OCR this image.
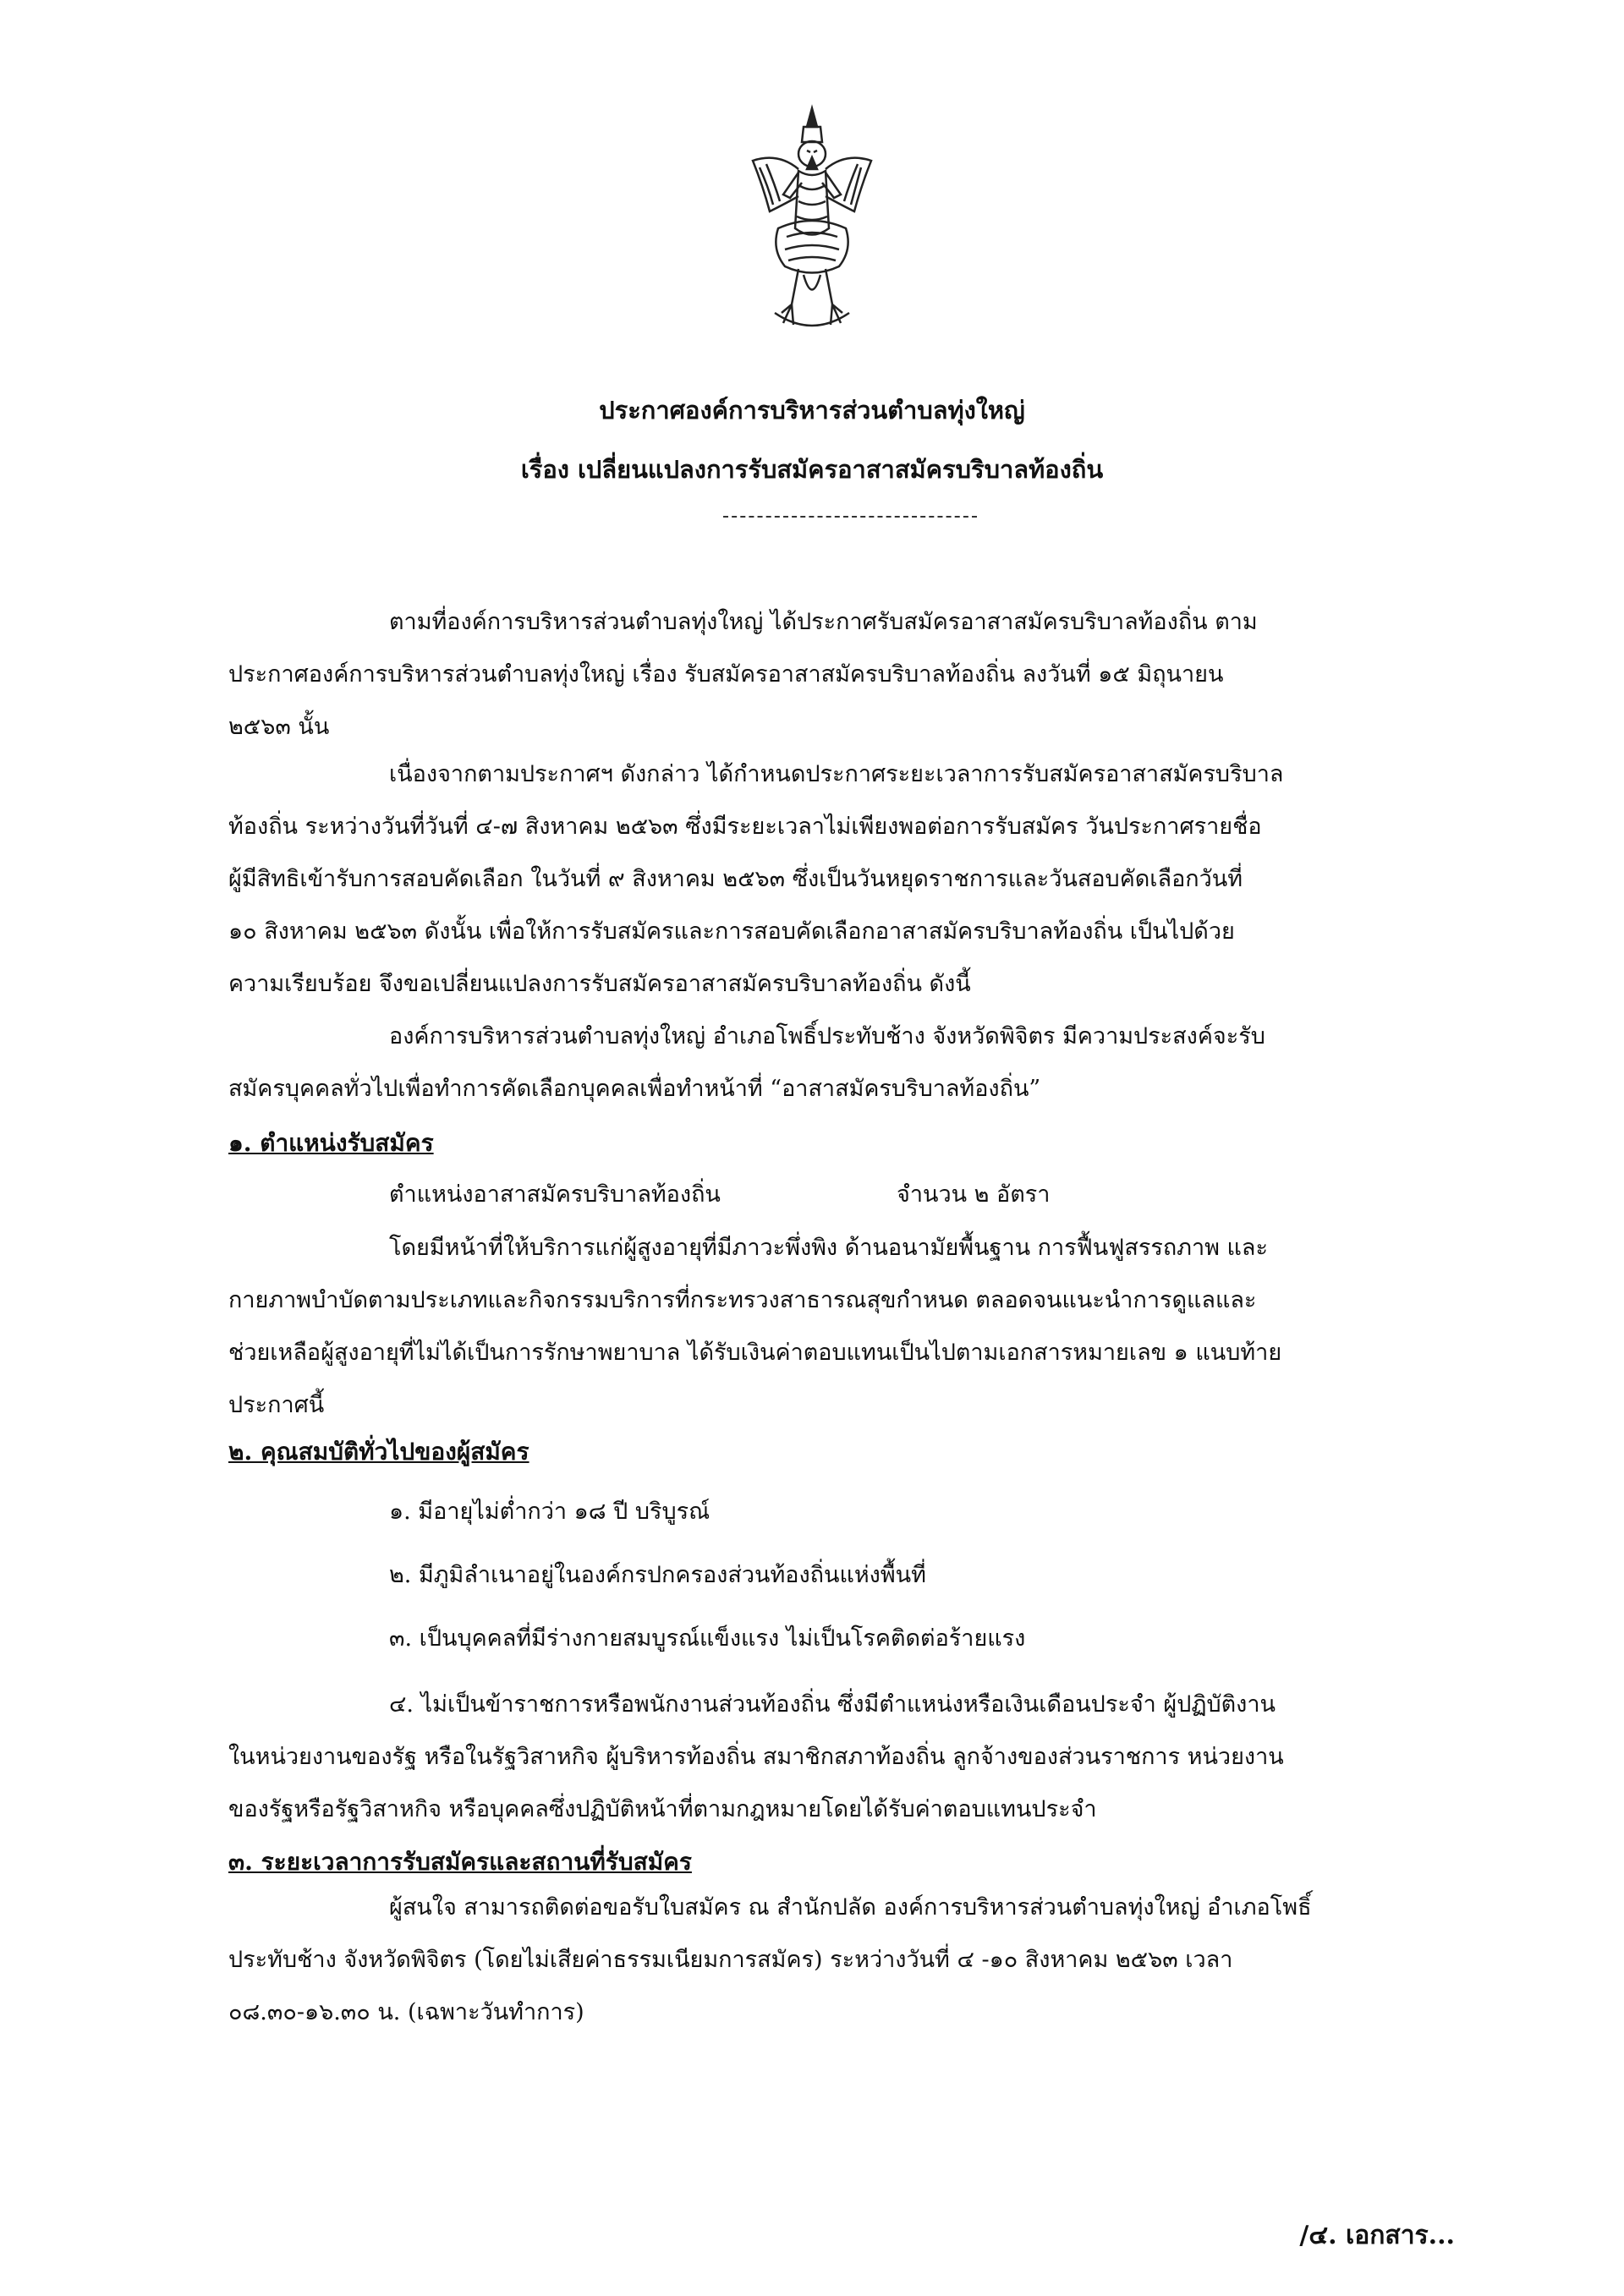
ประกาศองค์การบริหารส่วนตำบลทุ่งใหญ่
เรื่อง เปลี่ยนแปลงการรับสมัครอาสาสมัครบริบาลท้องถิ่น
ตามที่องค์การบริหารส่วนตำบลทุ่งใหญ่ ได้ประกาศรับสมัครอาสาสมัครบริบาลท้องถิ่น ตาม
ประกาศองค์การบริหารส่วนตำบลทุ่งใหญ่ เรื่อง รับสมัครอาสาสมัครบริบาลท้องถิ่น ลงวันที่ ๑๕ มิถุนายน
๒๕๖๓ นั้น
เนื่องจากตามประกาศฯ ดังกล่าว ได้กำหนดประกาศระยะเวลาการรับสมัครอาสาสมัครบริบาล
ท้องถิ่น ระหว่างวันที่วันที่ ๔-๗ สิงหาคม ๒๕๖๓ ซึ่งมีระยะเวลาไม่เพียงพอต่อการรับสมัคร วันประกาศรายชื่อ
ผู้มีสิทธิเข้ารับการสอบคัดเลือก ในวันที่ ๙ สิงหาคม ๒๕๖๓ ซึ่งเป็นวันหยุดราชการและวันสอบคัดเลือกวันที่
๑๐ สิงหาคม ๒๕๖๓ ดังนั้น เพื่อให้การรับสมัครและการสอบคัดเลือกอาสาสมัครบริบาลท้องถิ่น เป็นไปด้วย
ความเรียบร้อย จึงขอเปลี่ยนแปลงการรับสมัครอาสาสมัครบริบาลท้องถิ่น ดังนี้
องค์การบริหารส่วนตำบลทุ่งใหญ่ อำเภอโพธิ์ประทับช้าง จังหวัดพิจิตร มีความประสงค์จะรับ
สมัครบุคคลทั่วไปเพื่อทำการคัดเลือกบุคคลเพื่อทำหน้าที่ “อาสาสมัครบริบาลท้องถิ่น”
๑. ตำแหน่งรับสมัคร
ตำแหน่งอาสาสมัครบริบาลท้องถิ่น	จำนวน ๒ อัตรา
โดยมีหน้าที่ให้บริการแก่ผู้สูงอายุที่มีภาวะพึ่งพิง ด้านอนามัยพื้นฐาน การฟื้นฟูสรรถภาพ และ
กายภาพบำบัดตามประเภทและกิจกรรมบริการที่กระทรวงสาธารณสุขกำหนด ตลอดจนแนะนำการดูแลและ
ช่วยเหลือผู้สูงอายุที่ไม่ได้เป็นการรักษาพยาบาล ได้รับเงินค่าตอบแทนเป็นไปตามเอกสารหมายเลข ๑ แนบท้าย
ประกาศนี้
๒. คุณสมบัติทั่วไปของผู้สมัคร
๑. มีอายุไม่ต่ำกว่า ๑๘ ปี บริบูรณ์
๒. มีภูมิลำเนาอยู่ในองค์กรปกครองส่วนท้องถิ่นแห่งพื้นที่
๓. เป็นบุคคลที่มีร่างกายสมบูรณ์แข็งแรง ไม่เป็นโรคติดต่อร้ายแรง
๔. ไม่เป็นข้าราชการหรือพนักงานส่วนท้องถิ่น ซึ่งมีตำแหน่งหรือเงินเดือนประจำ ผู้ปฏิบัติงาน
ในหน่วยงานของรัฐ หรือในรัฐวิสาหกิจ ผู้บริหารท้องถิ่น สมาชิกสภาท้องถิ่น ลูกจ้างของส่วนราชการ หน่วยงาน
ของรัฐหรือรัฐวิสาหกิจ หรือบุคคลซึ่งปฏิบัติหน้าที่ตามกฎหมายโดยได้รับค่าตอบแทนประจำ
๓. ระยะเวลาการรับสมัครและสถานที่รับสมัคร
ผู้สนใจ สามารถติดต่อขอรับใบสมัคร ณ สำนักปลัด องค์การบริหารส่วนตำบลทุ่งใหญ่ อำเภอโพธิ์
ประทับช้าง จังหวัดพิจิตร (โดยไม่เสียค่าธรรมเนียมการสมัคร) ระหว่างวันที่ ๔ -๑๐ สิงหาคม ๒๕๖๓ เวลา
๐๘.๓๐-๑๖.๓๐ น. (เฉพาะวันทำการ)
/๔. เอกสาร...
